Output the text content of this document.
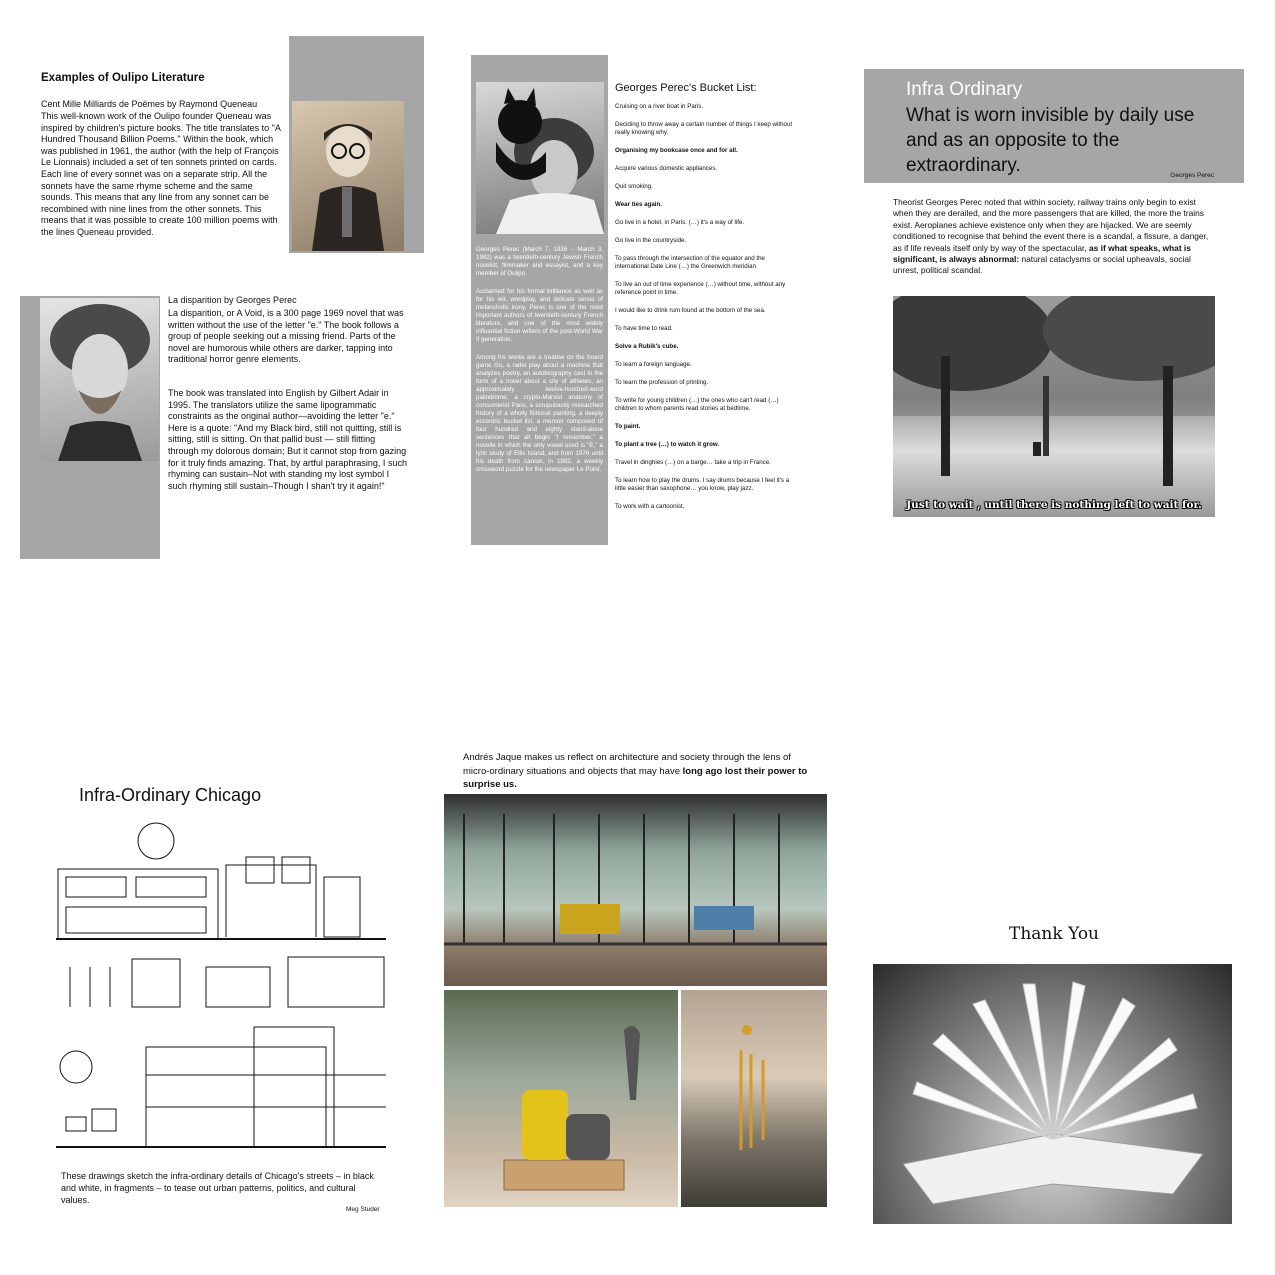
Examples of Oulipo Literature

Cent Mille Milliards de Poëmes by Raymond Queneau

This well-known work of the Oulipo founder Queneau was inspired by children's picture books. The title translates to "A Hundred Thousand Billion Poems." Within the book, which was published in 1961, the author (with the help of François Le Lionnais) included a set of ten sonnets printed on cards. Each line of every sonnet was on a separate strip. All the sonnets have the same rhyme scheme and the same sounds. This means that any line from any sonnet can be recombined with nine lines from the other sonnets. This means that it was possible to create 100 million poems with the lines Queneau provided.

La disparition by Georges Perec

La disparition, or A Void, is a 300 page 1969 novel that was written without the use of the letter "e." The book follows a group of people seeking out a missing friend. Parts of the novel are humorous while others are darker, tapping into traditional horror genre elements.

The book was translated into English by Gilbert Adair in 1995. The translators utilize the same lipogrammatic constraints as the original author—avoiding the letter "e." Here is a quote: "And my Black bird, still not quitting, still is sitting, still is sitting. On that pallid bust — still flitting through my dolorous domain; But it cannot stop from gazing for it truly finds amazing. That, by artful paraphrasing, I such rhyming can sustain–Not with standing my lost symbol I such rhyming still sustain–Though I shan't try it again!"

Georges Perec (March 7, 1936 – March 3, 1982) was a twentieth-century Jewish French novelist, filmmaker and essayist, and a key member of Oulipo.

Acclaimed for his formal brilliance as well as for his wit, wordplay, and delicate sense of melancholic irony, Perec is one of the most important authors of twentieth-century French literature, and one of the most widely influential fiction writers of the post-World War II generation.

Among his works are a treatise on the board game Go, a radio play about a machine that analyzes poetry, an autobiography cast in the form of a novel about a city of athletes, an approximately twelve-hundred-word palindrome, a crypto-Marxist anatomy of consumerist Paris, a scrupulously researched history of a wholly fictional painting, a deeply eccentric bucket list, a memoir composed of four hundred and eighty stand-alone sentences that all begin "I remember," a novella in which the only vowel used is "E," a lyric study of Ellis Island, and from 1976 until his death from cancer, in 1982, a weekly crossword puzzle for the newspaper Le Point.

Georges Perec's Bucket List:

Cruising on a river boat in Paris.

Deciding to throw away a certain number of things I keep without really knowing why.

Organising my bookcase once and for all.

Acquire various domestic appliances.

Quit smoking.

Wear ties again.

Go live in a hotel, in Paris. (…) it's a way of life.

Go live in the countryside.

To pass through the intersection of the equator and the international Date Line (…) the Greenwich meridian

To live an out of time experience (…) without time, without any reference point in time.

I would like to drink rum found at the bottom of the sea.

To have time to read.

Solve a Rubik's cube.

To learn a foreign language.

To learn the profession of printing.

To write for young children (…) the ones who can't read (…) children to whom parents read stories at bedtime.

To paint.

To plant a tree (…) to watch it grow.

Travel in dinghies (…) on a barge… take a trip in France.

To learn how to play the drums. I say drums because I feel it's a little easier than saxophone… you know, play jazz.

To work with a cartoonist.

Infra Ordinary
What is worn invisible by daily use and as an opposite to the extraordinary.	Georges Perec
Theorist Georges Perec noted that within society, railway trains only begin to exist when they are derailed, and the more passengers that are killed, the more the trains exist. Aeroplanes achieve existence only when they are hijacked. We are seemly conditioned to recognise that behind the event there is a scandal, a fissure, a danger, as if life reveals itself only by way of the spectacular, as if what speaks, what is significant, is always abnormal: natural cataclysms or social upheavals, social unrest, political scandal.
Just to wait , until there is nothing left to wait for.
Infra-Ordinary Chicago

These drawings sketch the infra-ordinary details of Chicago's streets – in black and white, in fragments – to tease out urban patterns, politics, and cultural values.

Meg Studer

Andrés Jaque makes us reflect on architecture and society through the lens of micro-ordinary situations and objects that may have long ago lost their power to surprise us.

Thank You
